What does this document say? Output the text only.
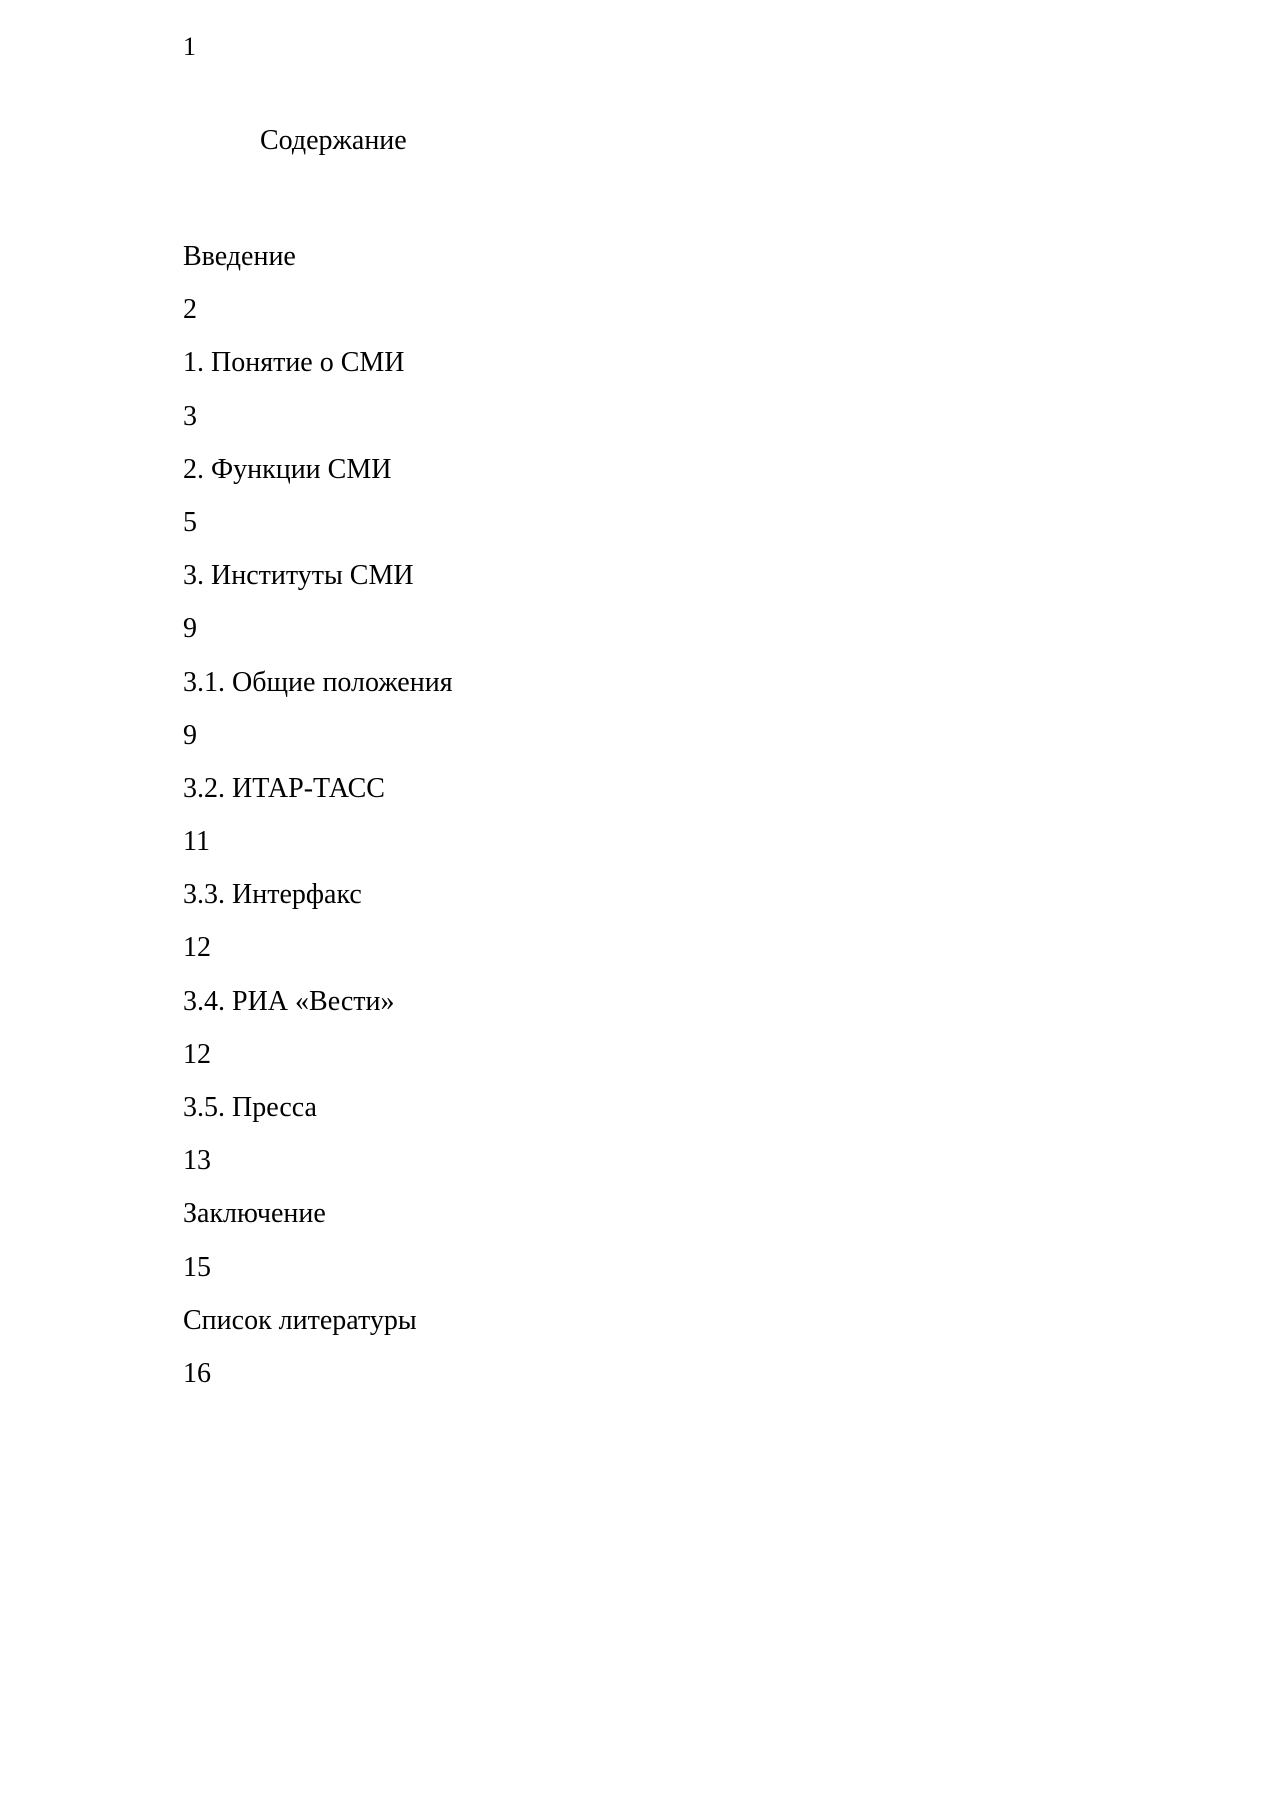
1
Содержание
Введение
2
1. Понятие о СМИ
3
2. Функции СМИ
5
3. Институты СМИ
9
3.1. Общие положения
9
3.2. ИТАР-ТАСС
11
3.3. Интерфакс
12
3.4. РИА «Вести»
12
3.5. Пресса
13
Заключение
15
Список литературы
16
